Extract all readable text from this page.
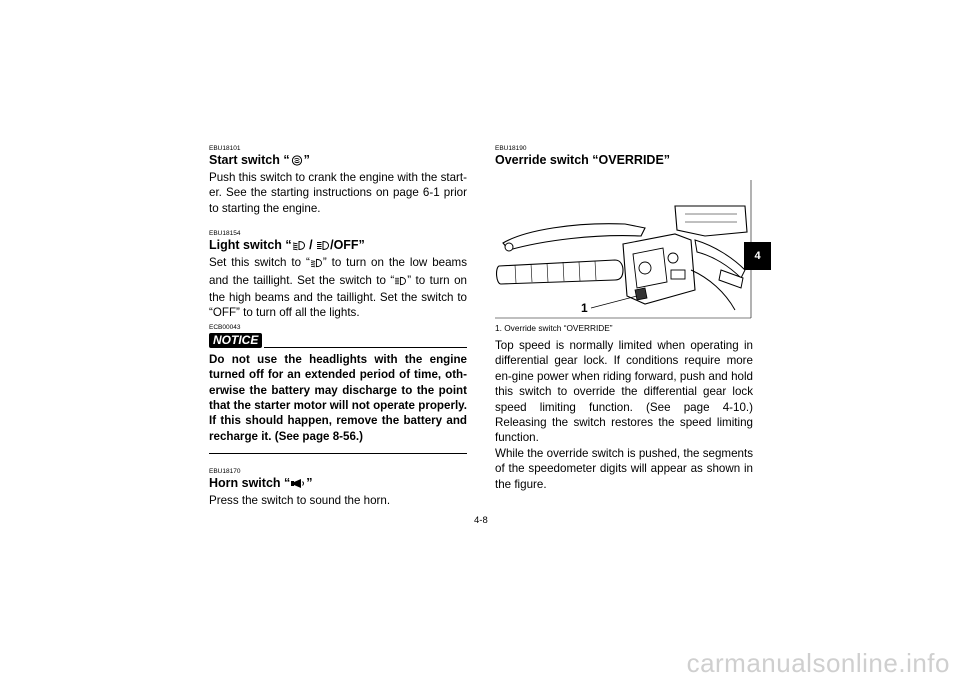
EBU18101

Start switch “ ”

Push this switch to crank the engine with the start-er. See the starting instructions on page 6-1 prior to starting the engine.

EBU18154

Light switch “ / /OFF”

Set this switch to “ ” to turn on the low beams and the taillight. Set the switch to “ ” to turn on the high beams and the taillight. Set the switch to “OFF” to turn off all the lights.

ECB00043

NOTICE

Do not use the headlights with the engine turned off for an extended period of time, oth-erwise the battery may discharge to the point that the starter motor will not operate properly. If this should happen, remove the battery and recharge it. (See page 8-56.)

EBU18170

Horn switch “ ”

Press the switch to sound the horn.

EBU18190

Override switch “OVERRIDE”
1

1. Override switch “OVERRIDE”

Top speed is normally limited when operating in differential gear lock. If conditions require more en-gine power when riding forward, push and hold this switch to override the differential gear lock speed limiting function. (See page 4-10.) Releasing the switch restores the speed limiting function.

While the override switch is pushed, the segments of the speedometer digits will appear as shown in the figure.

4-8
4
carmanualsonline.info
